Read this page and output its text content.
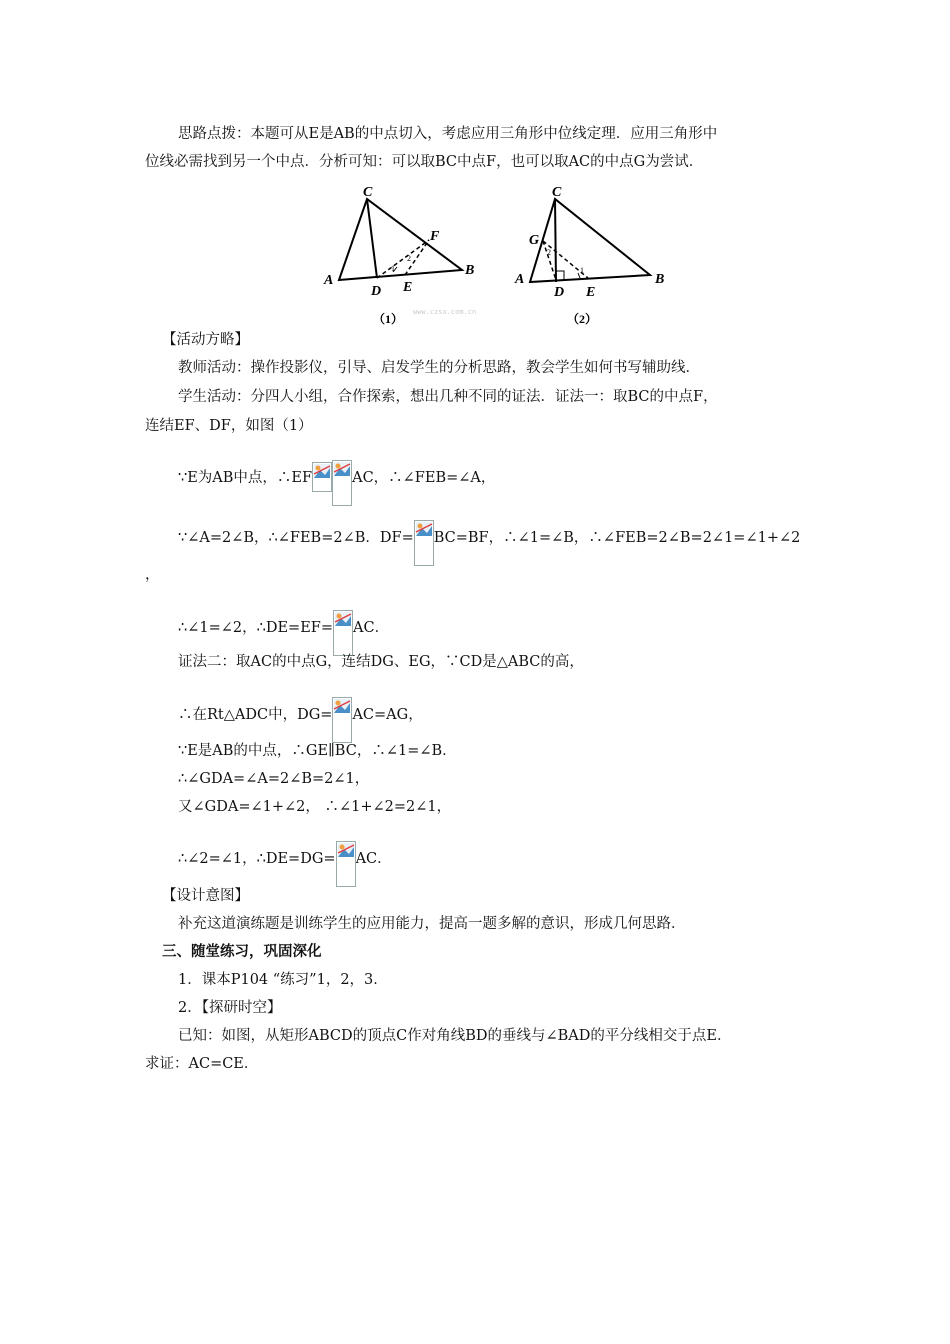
思路点拨：本题可从E是AB的中点切入，考虑应用三角形中位线定理．应用三角形中
位线必需找到另一个中点．分析可知：可以取BC中点F，也可以取AC的中点G为尝试．
C
A
B
D E
F
1
2
www.czsx.com.cn
（1）
C
A	B
D E
G
2
1
（2）
【活动方略】
教师活动：操作投影仪，引导、启发学生的分析思路，教会学生如何书写辅助线．
学生活动：分四人小组，合作探索，想出几种不同的证法．证法一：取BC的中点F，
连结EF、DF，如图（1）
∵E为AB中点，∴EF	AC，∴∠FEB=∠A，
∵∠A=2∠B，∴∠FEB=2∠B．DF= BC=BF，∴∠1=∠B，∴∠FEB=2∠B=2∠1=∠1+∠2
，
∴∠1=∠2，∴DE=EF= AC．
证法二：取AC的中点G，连结DG、EG，∵CD是△ABC的高，
∴在Rt△ADC中，DG= AC=AG，
∵E是AB的中点，∴GE∥BC，∴∠1=∠B．
∴∠GDA=∠A=2∠B=2∠1，
又∠GDA=∠1+∠2， ∴∠1+∠2=2∠1，
∴∠2=∠1，∴DE=DG= AC．
【设计意图】
补充这道演练题是训练学生的应用能力，提高一题多解的意识，形成几何思路．
三、随堂练习，巩固深化
1．课本P104 “练习”1，2，3．
2．【探研时空】
已知：如图，从矩形ABCD的顶点C作对角线BD的垂线与∠BAD的平分线相交于点E．
求证：AC=CE．
